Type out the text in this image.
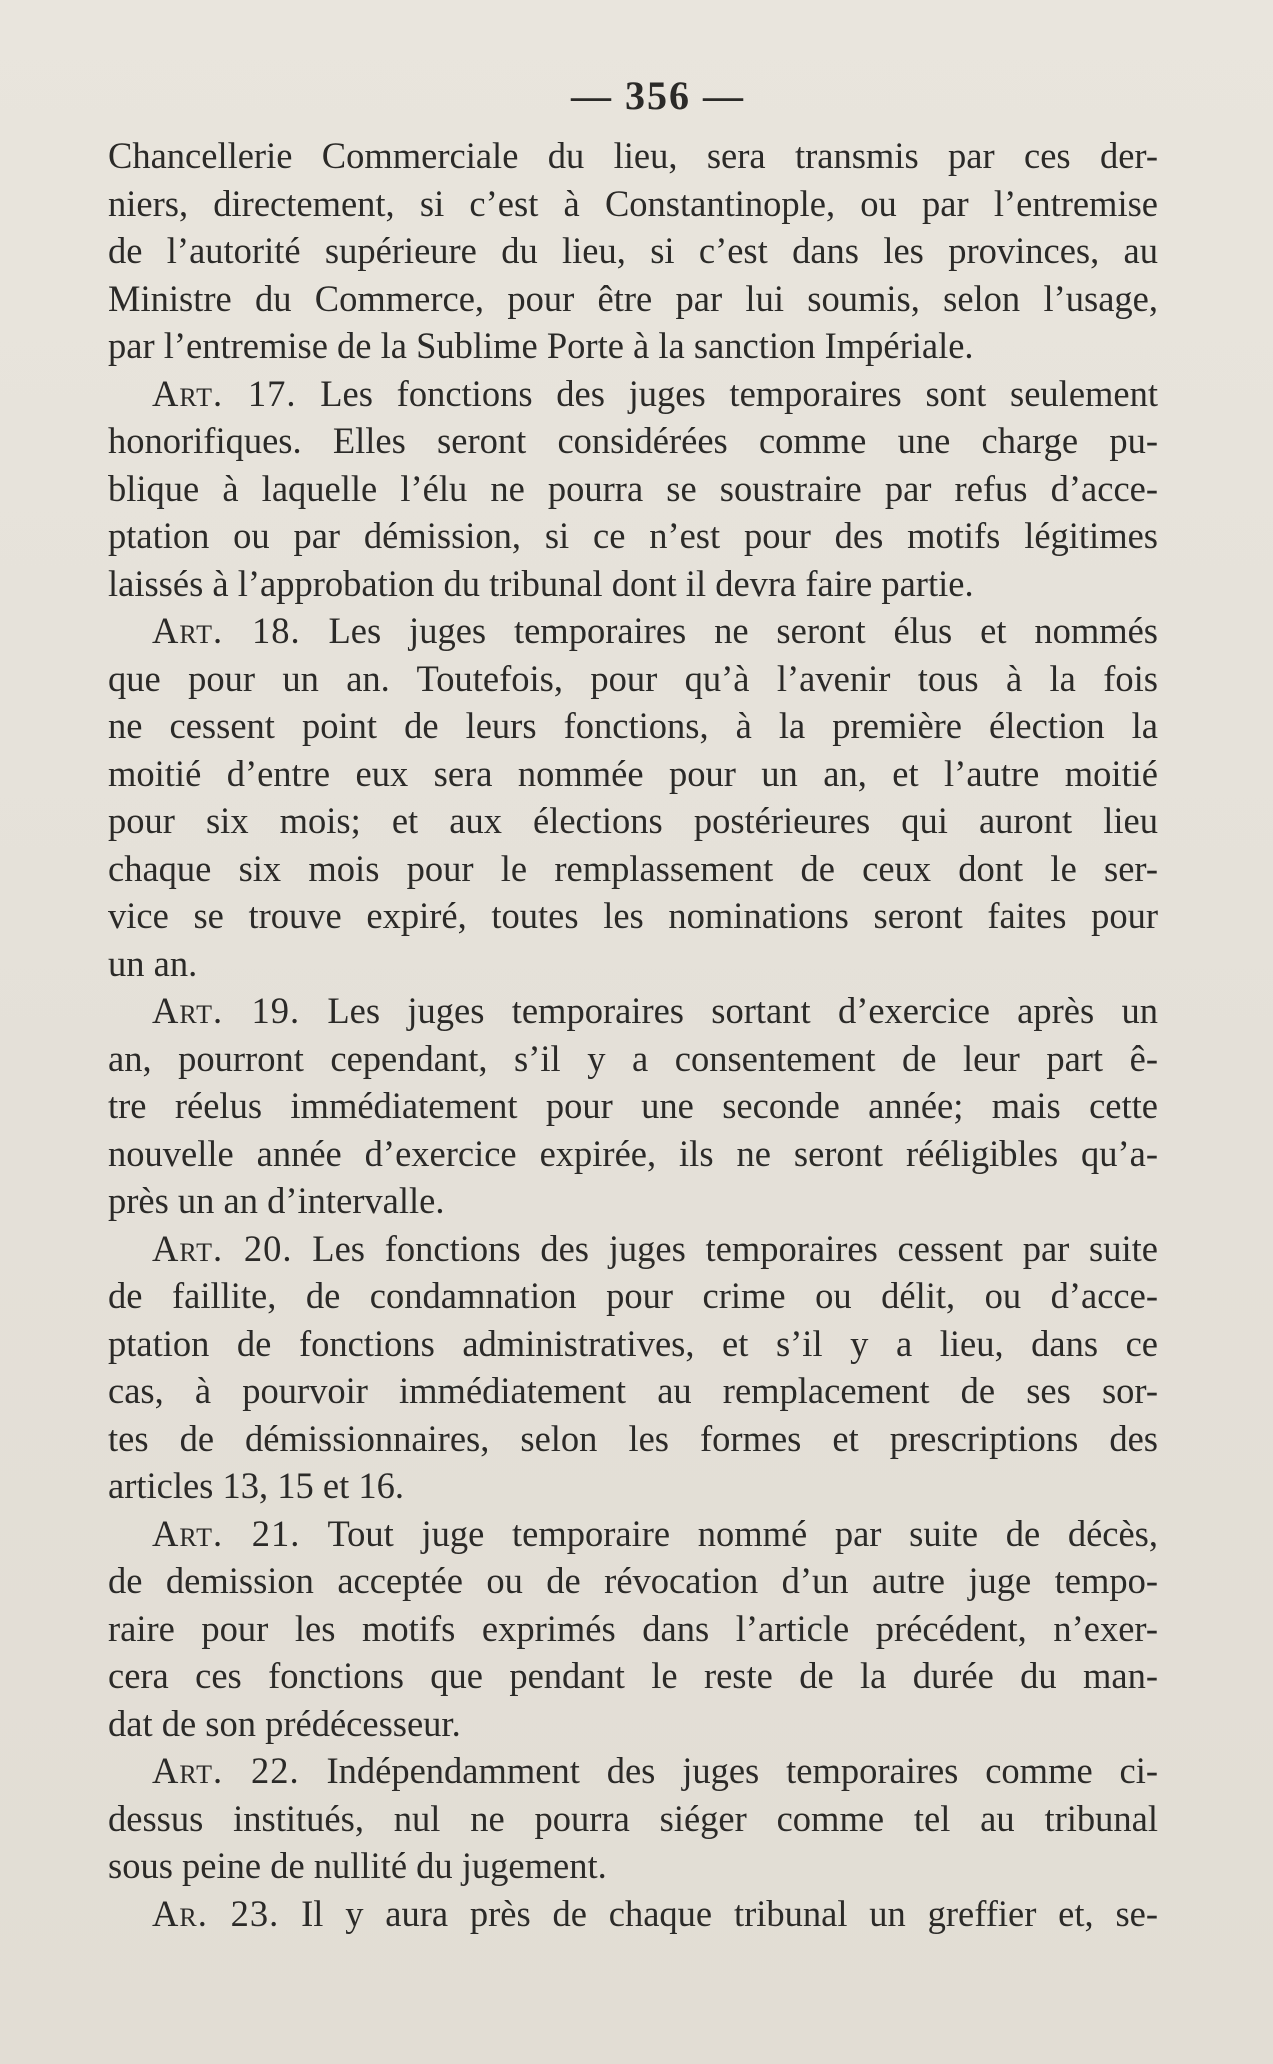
— 356 —
Chancellerie Commerciale du lieu, sera transmis par ces der-
niers, directement, si c’est à Constantinople, ou par l’entremise
de l’autorité supérieure du lieu, si c’est dans les provinces, au
Ministre du Commerce, pour être par lui soumis, selon l’usage,
par l’entremise de la Sublime Porte à la sanction Impériale.
Art. 17. Les fonctions des juges temporaires sont seulement
honorifiques. Elles seront considérées comme une charge pu-
blique à laquelle l’élu ne pourra se soustraire par refus d’acce-
ptation ou par démission, si ce n’est pour des motifs légitimes
laissés à l’approbation du tribunal dont il devra faire partie.
Art. 18. Les juges temporaires ne seront élus et nommés
que pour un an. Toutefois, pour qu’à l’avenir tous à la fois
ne cessent point de leurs fonctions, à la première élection la
moitié d’entre eux sera nommée pour un an, et l’autre moitié
pour six mois; et aux élections postérieures qui auront lieu
chaque six mois pour le remplassement de ceux dont le ser-
vice se trouve expiré, toutes les nominations seront faites pour
un an.
Art. 19. Les juges temporaires sortant d’exercice après un
an, pourront cependant, s’il y a consentement de leur part ê-
tre réelus immédiatement pour une seconde année; mais cette
nouvelle année d’exercice expirée, ils ne seront rééligibles qu’a-
près un an d’intervalle.
Art. 20. Les fonctions des juges temporaires cessent par suite
de faillite, de condamnation pour crime ou délit, ou d’acce-
ptation de fonctions administratives, et s’il y a lieu, dans ce
cas, à pourvoir immédiatement au remplacement de ses sor-
tes de démissionnaires, selon les formes et prescriptions des
articles 13, 15 et 16.
Art. 21. Tout juge temporaire nommé par suite de décès,
de demission acceptée ou de révocation d’un autre juge tempo-
raire pour les motifs exprimés dans l’article précédent, n’exer-
cera ces fonctions que pendant le reste de la durée du man-
dat de son prédécesseur.
Art. 22. Indépendamment des juges temporaires comme ci-
dessus institués, nul ne pourra siéger comme tel au tribunal
sous peine de nullité du jugement.
Ar. 23. Il y aura près de chaque tribunal un greffier et, se-
